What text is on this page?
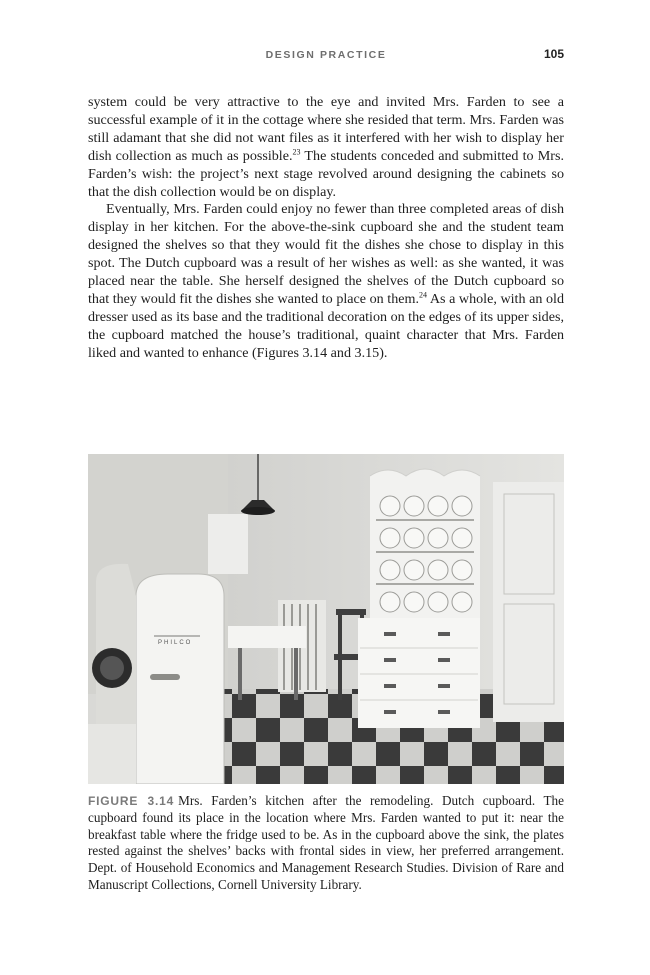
DESIGN PRACTICE	105

system could be very attractive to the eye and invited Mrs. Farden to see a successful example of it in the cottage where she resided that term. Mrs. Farden was still adamant that she did not want files as it interfered with her wish to display her dish collection as much as possible.$^{23}$ The students conceded and submitted to Mrs. Farden’s wish: the project’s next stage revolved around designing the cabinets so that the dish collection would be on display.

Eventually, Mrs. Farden could enjoy no fewer than three completed areas of dish display in her kitchen. For the above-the-sink cupboard she and the student team designed the shelves so that they would fit the dishes she chose to display in this spot. The Dutch cupboard was a result of her wishes as well: as she wanted, it was placed near the table. She herself designed the shelves of the Dutch cupboard so that they would fit the dishes she wanted to place on them.$^{24}$ As a whole, with an old dresser used as its base and the traditional decoration on the edges of its upper sides, the cupboard matched the house’s traditional, quaint character that Mrs. Farden liked and wanted to enhance (Figures 3.14 and 3.15).

PHILCO
FIGURE 3.14 Mrs. Farden’s kitchen after the remodeling. Dutch cupboard. The cupboard found its place in the location where Mrs. Farden wanted to put it: near the breakfast table where the fridge used to be. As in the cupboard above the sink, the plates rested against the shelves’ backs with frontal sides in view, her preferred arrangement. Dept. of Household Economics and Management Research Studies. Division of Rare and Manuscript Collections, Cornell University Library.
